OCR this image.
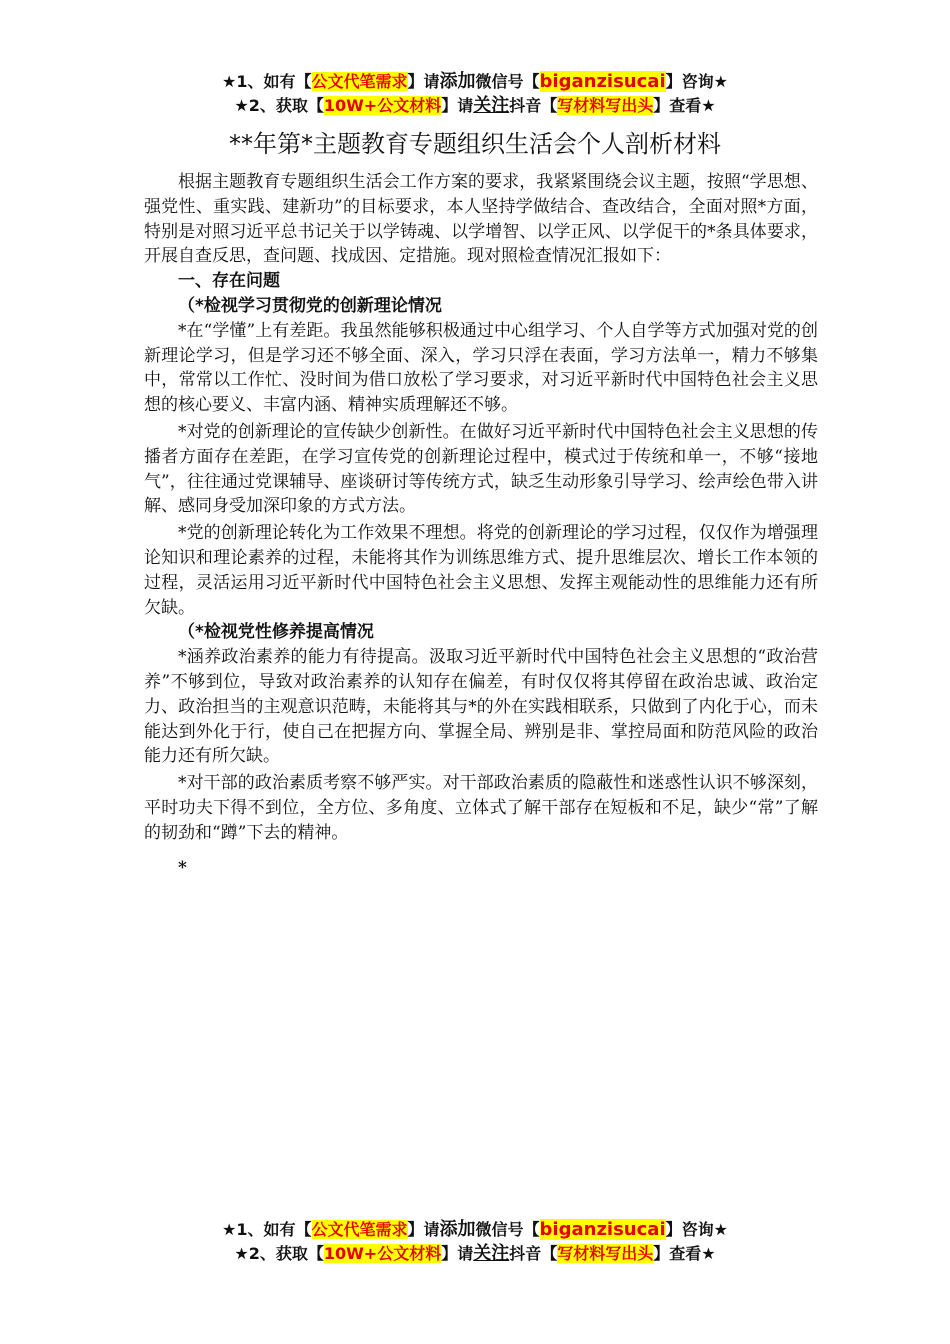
★1、如有【公文代笔需求】请添加微信号【biganzisucai】咨询★
★2、获取【10W+公文材料】请关注抖音【写材料写出头】查看★
**年第*主题教育专题组织生活会个人剖析材料

根据主题教育专题组织生活会工作方案的要求，我紧紧围绕会议主题，按照“学思想、强党性、重实践、建新功”的目标要求，本人坚持学做结合、查改结合，全面对照*方面，特别是对照习近平总书记关于以学铸魂、以学增智、以学正风、以学促干的*条具体要求，开展自查反思，查问题、找成因、定措施。现对照检查情况汇报如下：

一、存在问题

（*检视学习贯彻党的创新理论情况

*在“学懂”上有差距。我虽然能够积极通过中心组学习、个人自学等方式加强对党的创新理论学习，但是学习还不够全面、深入，学习只浮在表面，学习方法单一，精力不够集中，常常以工作忙、没时间为借口放松了学习要求，对习近平新时代中国特色社会主义思想的核心要义、丰富内涵、精神实质理解还不够。

*对党的创新理论的宣传缺少创新性。在做好习近平新时代中国特色社会主义思想的传播者方面存在差距，在学习宣传党的创新理论过程中，模式过于传统和单一，不够“接地气”，往往通过党课辅导、座谈研讨等传统方式，缺乏生动形象引导学习、绘声绘色带入讲解、感同身受加深印象的方式方法。

*党的创新理论转化为工作效果不理想。将党的创新理论的学习过程，仅仅作为增强理论知识和理论素养的过程，未能将其作为训练思维方式、提升思维层次、增长工作本领的过程，灵活运用习近平新时代中国特色社会主义思想、发挥主观能动性的思维能力还有所欠缺。

（*检视党性修养提高情况

*涵养政治素养的能力有待提高。汲取习近平新时代中国特色社会主义思想的“政治营养”不够到位，导致对政治素养的认知存在偏差，有时仅仅将其停留在政治忠诚、政治定力、政治担当的主观意识范畴，未能将其与*的外在实践相联系，只做到了内化于心，而未能达到外化于行，使自己在把握方向、掌握全局、辨别是非、掌控局面和防范风险的政治能力还有所欠缺。

*对干部的政治素质考察不够严实。对干部政治素质的隐蔽性和迷惑性认识不够深刻，平时功夫下得不到位，全方位、多角度、立体式了解干部存在短板和不足，缺少“常”了解的韧劲和“蹲”下去的精神。

*

★1、如有【公文代笔需求】请添加微信号【biganzisucai】咨询★
★2、获取【10W+公文材料】请关注抖音【写材料写出头】查看★
